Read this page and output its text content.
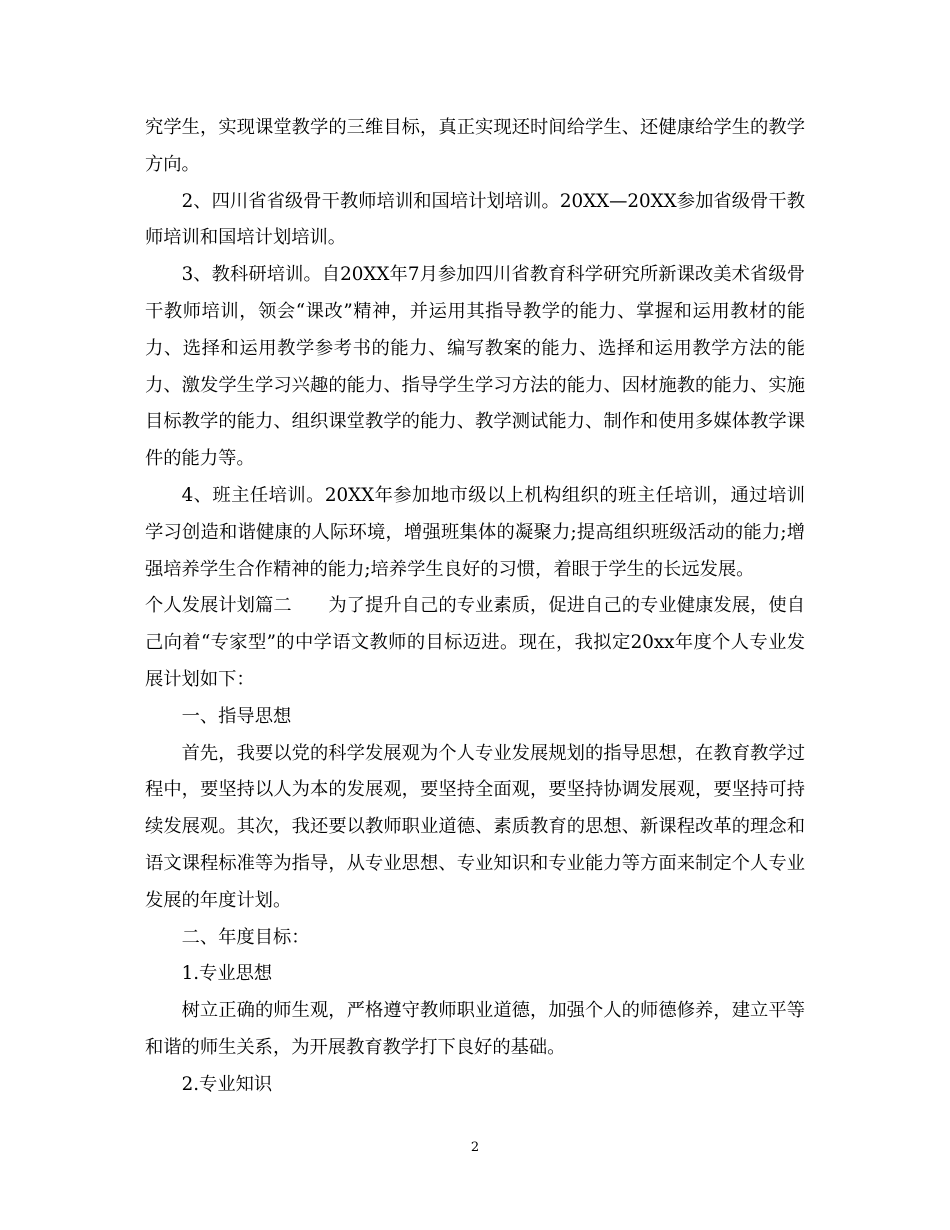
究学生，实现课堂教学的三维目标，真正实现还时间给学生、还健康给学生的教学方向。

2、四川省省级骨干教师培训和国培计划培训。20XX—20XX参加省级骨干教师培训和国培计划培训。

3、教科研培训。自20XX年7月参加四川省教育科学研究所新课改美术省级骨干教师培训，领会“课改”精神，并运用其指导教学的能力、掌握和运用教材的能力、选择和运用教学参考书的能力、编写教案的能力、选择和运用教学方法的能力、激发学生学习兴趣的能力、指导学生学习方法的能力、因材施教的能力、实施目标教学的能力、组织课堂教学的能力、教学测试能力、制作和使用多媒体教学课件的能力等。

4、班主任培训。20XX年参加地市级以上机构组织的班主任培训，通过培训学习创造和谐健康的人际环境，增强班集体的凝聚力;提高组织班级活动的能力;增强培养学生合作精神的能力;培养学生良好的习惯，着眼于学生的长远发展。

个人发展计划篇二　　为了提升自己的专业素质，促进自己的专业健康发展，使自己向着“专家型”的中学语文教师的目标迈进。现在，我拟定20xx年度个人专业发展计划如下：

一、指导思想

首先，我要以党的科学发展观为个人专业发展规划的指导思想，在教育教学过程中，要坚持以人为本的发展观，要坚持全面观，要坚持协调发展观，要坚持可持续发展观。其次，我还要以教师职业道德、素质教育的思想、新课程改革的理念和语文课程标准等为指导，从专业思想、专业知识和专业能力等方面来制定个人专业发展的年度计划。

二、年度目标：

1.专业思想

树立正确的师生观，严格遵守教师职业道德，加强个人的师德修养，建立平等和谐的师生关系，为开展教育教学打下良好的基础。

2.专业知识

2
